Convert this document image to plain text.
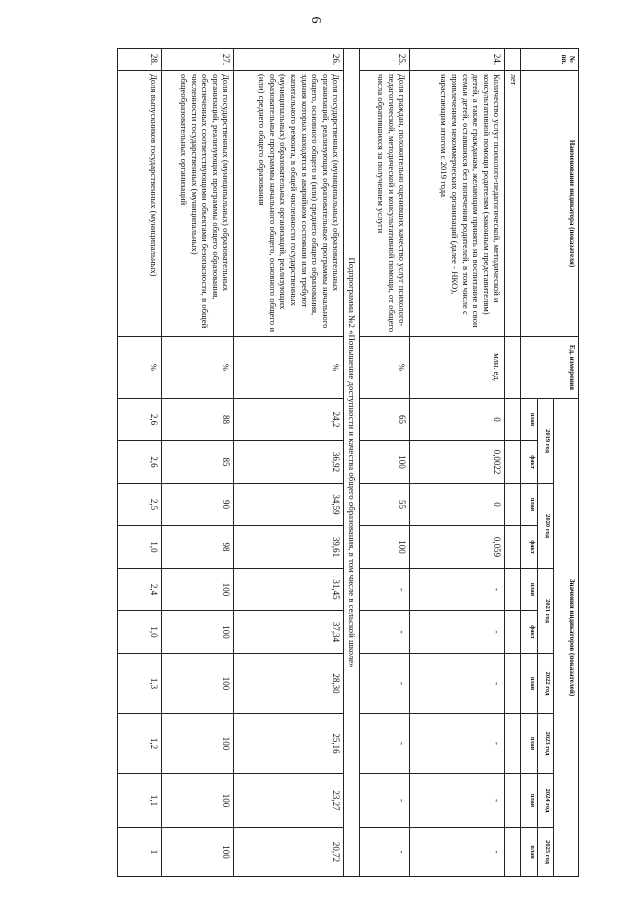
6
№ пп.	Наименование индикатора (показателя)	Ед. измерения	Значения индикаторов (показателей)									
			2019 год		2020 год		2021 год		2022 год	2023 год	2024 год	2025 год
			план	факт	план	факт	план	факт	план	план	план	план
	лет											
24.	Количество услуг психолого-педагогической, методической и консультативной помощи родителям (законным представителям) детей, а также гражданам, желающим принять на воспитание в свои семьи детей, оставшихся без попечения родителей, в том числе с привлечением некоммерческих организаций (далее - НКО), нарастающим итогом с 2019 года	млн. ед.	0	0,0022	0	0,059	-	-	-	-	-	-
25.	Доля граждан, положительно оценивших качество услуг психолого-педагогической, методической и консультативной помощи, от общего числа обратившихся за получением услуги	%	65	100	55	100	-	-	-	-	-	-
Подпрограмма №2 «Повышение доступности и качества общего образования, в том числе в сельской школе»												
26.	Доля государственных (муниципальных) образовательных организаций, реализующих образовательные программы начального общего, основного общего и (или) среднего общего образования, здания которых находятся в аварийном состоянии или требуют капитального ремонта, в общей численности государственных (муниципальных) образовательных организаций, реализующих образовательные программы начального общего, основного общего и (или) среднего общего образования	%	24,2	36,92	34,59	39,61	31,45	37,34	28,30	25,16	23,27	20,72
27.	Доля государственных (муниципальных) образовательных организаций, реализующих программы общего образования, обеспеченных соответствующими объектами безопасности, в общей численности государственных (муниципальных) общеобразовательных организаций	%	88	85	90	98	100	100	100	100	100	100
28.	Доля выпускников государственных (муниципальных)	%	2,6	2,6	2,5	1,0	2,4	1,0	1,3	1,2	1,1	1
